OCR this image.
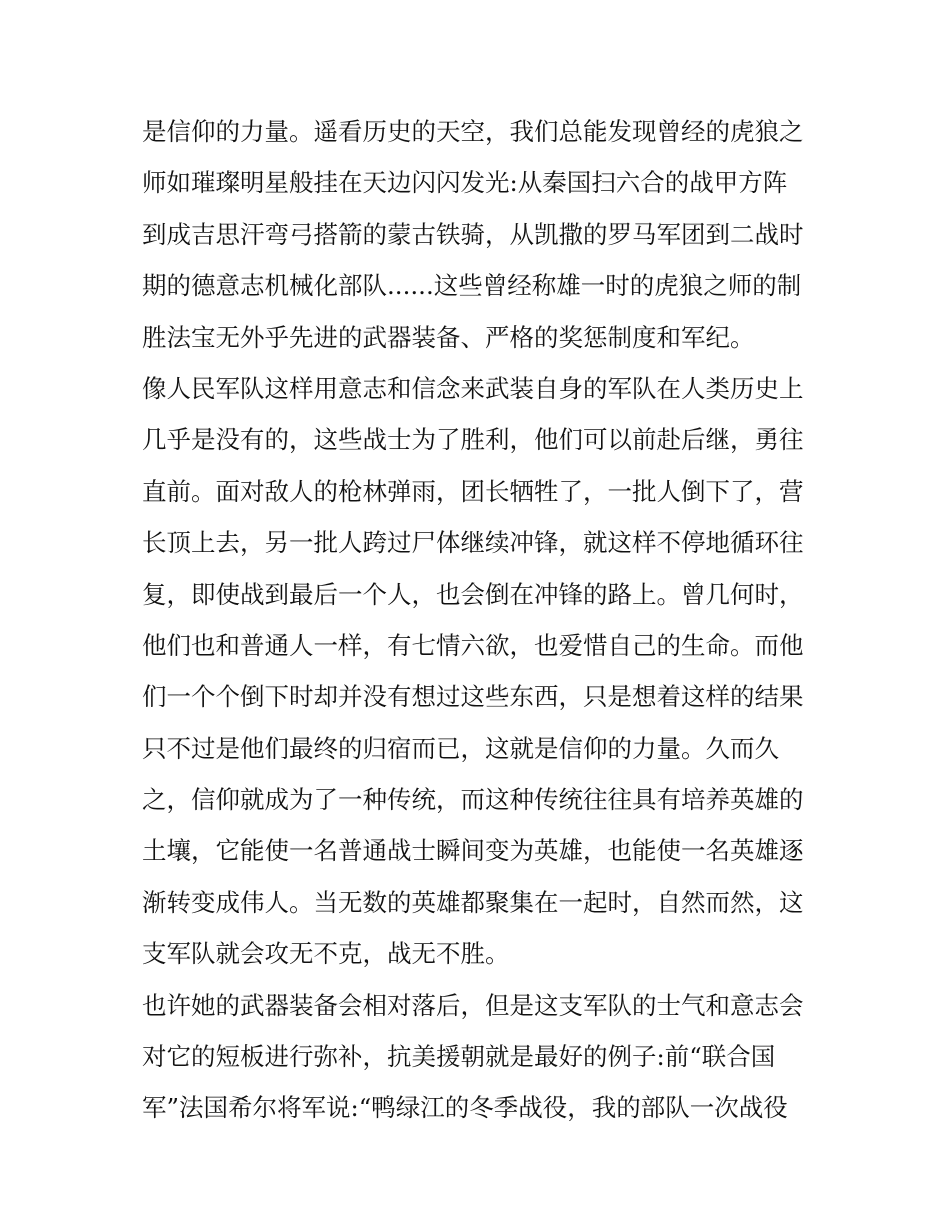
是信仰的力量。遥看历史的天空，我们总能发现曾经的虎狼之
师如璀璨明星般挂在天边闪闪发光:从秦国扫六合的战甲方阵
到成吉思汗弯弓搭箭的蒙古铁骑，从凯撒的罗马军团到二战时
期的德意志机械化部队......这些曾经称雄一时的虎狼之师的制
胜法宝无外乎先进的武器装备、严格的奖惩制度和军纪。
像人民军队这样用意志和信念来武装自身的军队在人类历史上
几乎是没有的，这些战士为了胜利，他们可以前赴后继，勇往
直前。面对敌人的枪林弹雨，团长牺牲了，一批人倒下了，营
长顶上去，另一批人跨过尸体继续冲锋，就这样不停地循环往
复，即使战到最后一个人，也会倒在冲锋的路上。曾几何时，
他们也和普通人一样，有七情六欲，也爱惜自己的生命。而他
们一个个倒下时却并没有想过这些东西，只是想着这样的结果
只不过是他们最终的归宿而已，这就是信仰的力量。久而久
之，信仰就成为了一种传统，而这种传统往往具有培养英雄的
土壤，它能使一名普通战士瞬间变为英雄，也能使一名英雄逐
渐转变成伟人。当无数的英雄都聚集在一起时，自然而然，这
支军队就会攻无不克，战无不胜。
也许她的武器装备会相对落后，但是这支军队的士气和意志会
对它的短板进行弥补，抗美援朝就是最好的例子:前“联合国
军”法国希尔将军说:“鸭绿江的冬季战役，我的部队一次战役
